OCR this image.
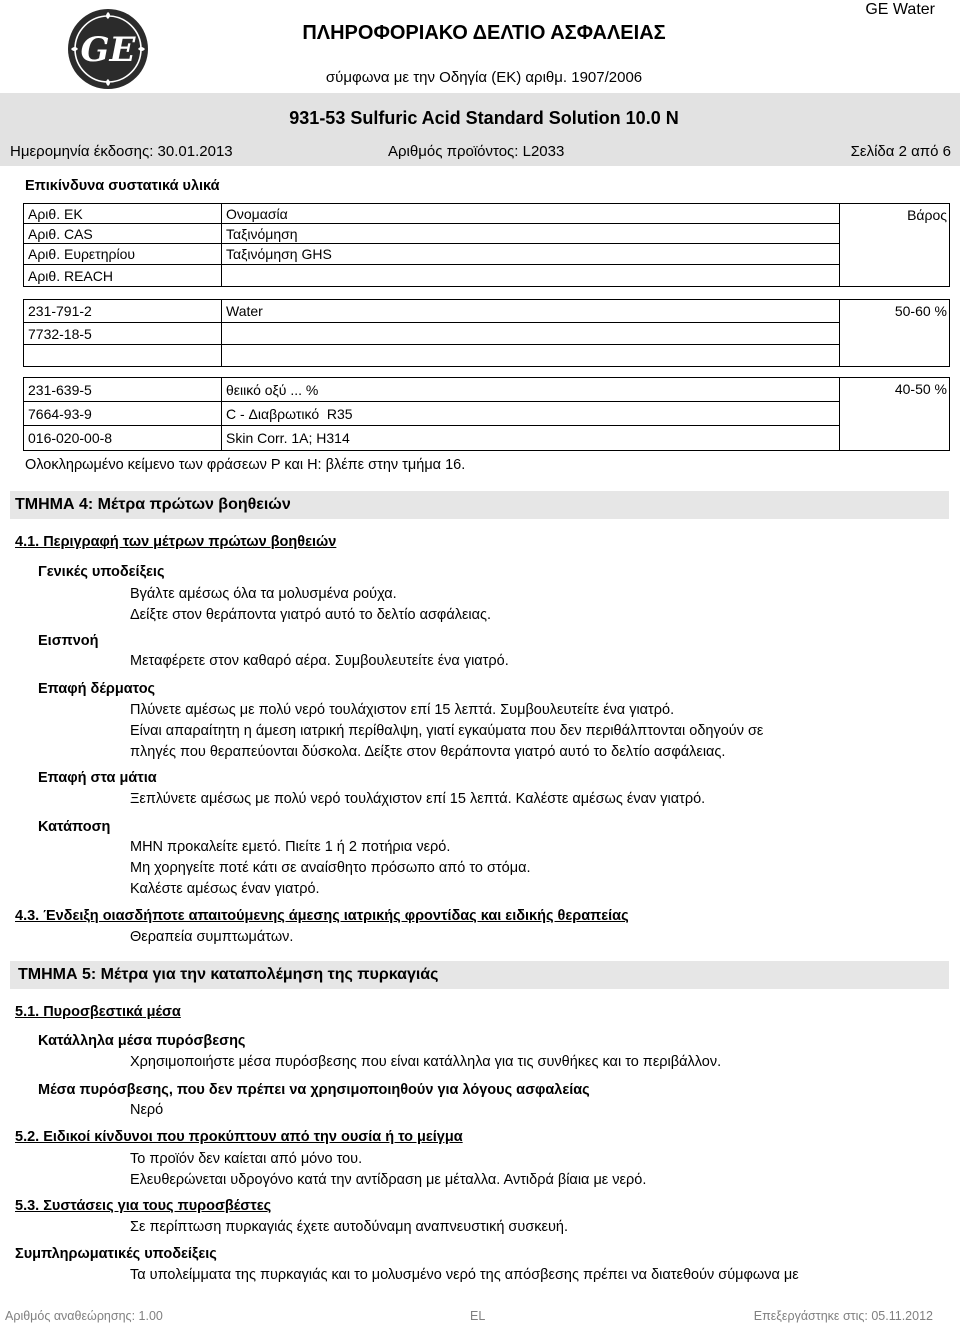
GE
GE Water
ΠΛΗΡΟΦΟΡΙΑΚΟ ΔΕΛΤΙΟ ΑΣΦΑΛΕΙΑΣ
σύμφωνα με την Οδηγία (ΕΚ) αριθμ. 1907/2006
931-53 Sulfuric Acid Standard Solution 10.0 N
Ημερομηνία έκδοσης: 30.01.2013	Αριθμός προϊόντος: L2033	Σελίδα 2 από 6
Επικίνδυνα συστατικά υλικά
Αριθ. ΕΚ	Ονομασία	Βάρος
Αριθ. CAS	Ταξινόμηση	
Αριθ. Ευρετηρίου	Ταξινόμηση GHS	
Αριθ. REACH		
231-791-2	Water	50-60 %
7732-18-5		

231-639-5	θειικό οξύ ... %	40-50 %
7664-93-9	C - Διαβρωτικό  R35	
016-020-00-8	Skin Corr. 1A; H314	
Ολοκληρωμένο κείμενο των φράσεων P και H: βλέπε στην τμήμα 16.
ΤΜΗΜΑ 4: Μέτρα πρώτων βοηθειών
4.1. Περιγραφή των μέτρων πρώτων βοηθειών
Γενικές υποδείξεις
Βγάλτε αμέσως όλα τα μολυσμένα ρούχα.
Δείξτε στον θεράποντα γιατρό αυτό το δελτίο ασφάλειας.
Εισπνοή
Μεταφέρετε στον καθαρό αέρα. Συμβουλευτείτε ένα γιατρό.
Επαφή δέρματος
Πλύνετε αμέσως με πολύ νερό τουλάχιστον επί 15 λεπτά. Συμβουλευτείτε ένα γιατρό.
Είναι απαραίτητη η άμεση ιατρική περίθαλψη, γιατί εγκαύματα που δεν περιθάλπτονται οδηγούν σε
πληγές που θεραπεύονται δύσκολα. Δείξτε στον θεράποντα γιατρό αυτό το δελτίο ασφάλειας.
Επαφή στα μάτια
Ξεπλύνετε αμέσως με πολύ νερό τουλάχιστον επί 15 λεπτά. Καλέστε αμέσως έναν γιατρό.
Κατάποση
ΜΗΝ προκαλείτε εμετό. Πιείτε 1 ή 2 ποτήρια νερό.
Μη χορηγείτε ποτέ κάτι σε αναίσθητο πρόσωπο από το στόμα.
Καλέστε αμέσως έναν γιατρό.
4.3. Ένδειξη οιασδήποτε απαιτούμενης άμεσης ιατρικής φροντίδας και ειδικής θεραπείας
Θεραπεία συμπτωμάτων.
ΤΜΗΜΑ 5: Μέτρα για την καταπολέμηση της πυρκαγιάς
5.1. Πυροσβεστικά μέσα
Κατάλληλα μέσα πυρόσβεσης
Χρησιμοποιήστε μέσα πυρόσβεσης που είναι κατάλληλα για τις συνθήκες και το περιβάλλον.
Μέσα πυρόσβεσης, που δεν πρέπει να χρησιμοποιηθούν για λόγους ασφαλείας
Νερό
5.2. Ειδικοί κίνδυνοι που προκύπτουν από την ουσία ή το μείγμα
Το προϊόν δεν καίεται από μόνο του.
Ελευθερώνεται υδρογόνο κατά την αντίδραση με μέταλλα. Αντιδρά βίαια με νερό.
5.3. Συστάσεις για τους πυροσβέστες
Σε περίπτωση πυρκαγιάς έχετε αυτοδύναμη αναπνευστική συσκευή.
Συμπληρωματικές υποδείξεις
Τα υπολείμματα της πυρκαγιάς και το μολυσμένο νερό της απόσβεσης πρέπει να διατεθούν σύμφωνα με
Αριθμός αναθεώρησης: 1.00	EL	Επεξεργάστηκε στις: 05.11.2012
